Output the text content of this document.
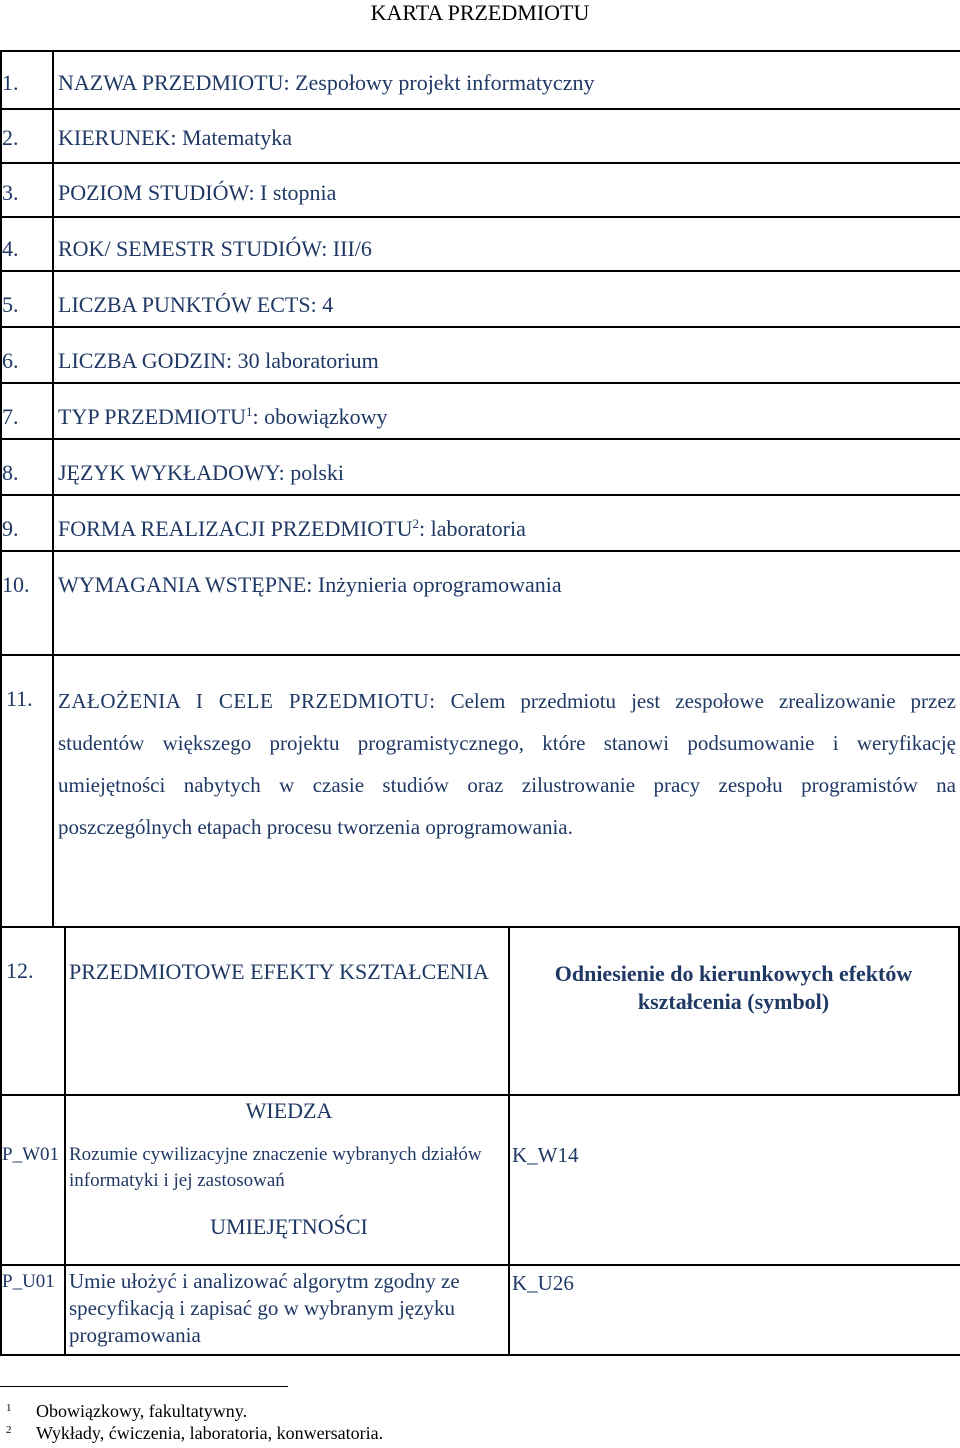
KARTA PRZEDMIOTU
1. NAZWA PRZEDMIOTU: Zespołowy projekt informatyczny
2. KIERUNEK: Matematyka
3. POZIOM STUDIÓW: I stopnia
4. ROK/ SEMESTR STUDIÓW: III/6
5. LICZBA PUNKTÓW ECTS: 4
6. LICZBA GODZIN: 30 laboratorium
7. TYP PRZEDMIOTU$^1$: obowiązkowy
8. JĘZYK WYKŁADOWY: polski
9. FORMA REALIZACJI PRZEDMIOTU$^2$: laboratoria
10. WYMAGANIA WSTĘPNE: Inżynieria oprogramowania
11. ZAŁOŻENIA I CELE PRZEDMIOTU: Celem przedmiotu jest zespołowe zrealizowanie przez studentów większego projektu programistycznego, które stanowi podsumowanie i weryfikację umiejętności nabytych w czasie studiów oraz zilustrowanie pracy zespołu programistów na poszczególnych etapach procesu tworzenia oprogramowania.

12. PRZEDMIOTOWE EFEKTY KSZTAŁCENIA	Odniesienie do kierunkowych efektów kształcenia (symbol)
WIEDZA
P_W01 Rozumie cywilizacyjne znaczenie wybranych działów informatyki i jej zastosowań
K_W14
UMIEJĘTNOŚCI
P_U01 Umie ułożyć i analizować algorytm zgodny ze specyfikacją i zapisać go w wybranym języku programowania
K_U26
$^1$ Obowiązkowy, fakultatywny.
$^2$ Wykłady, ćwiczenia, laboratoria, konwersatoria.
